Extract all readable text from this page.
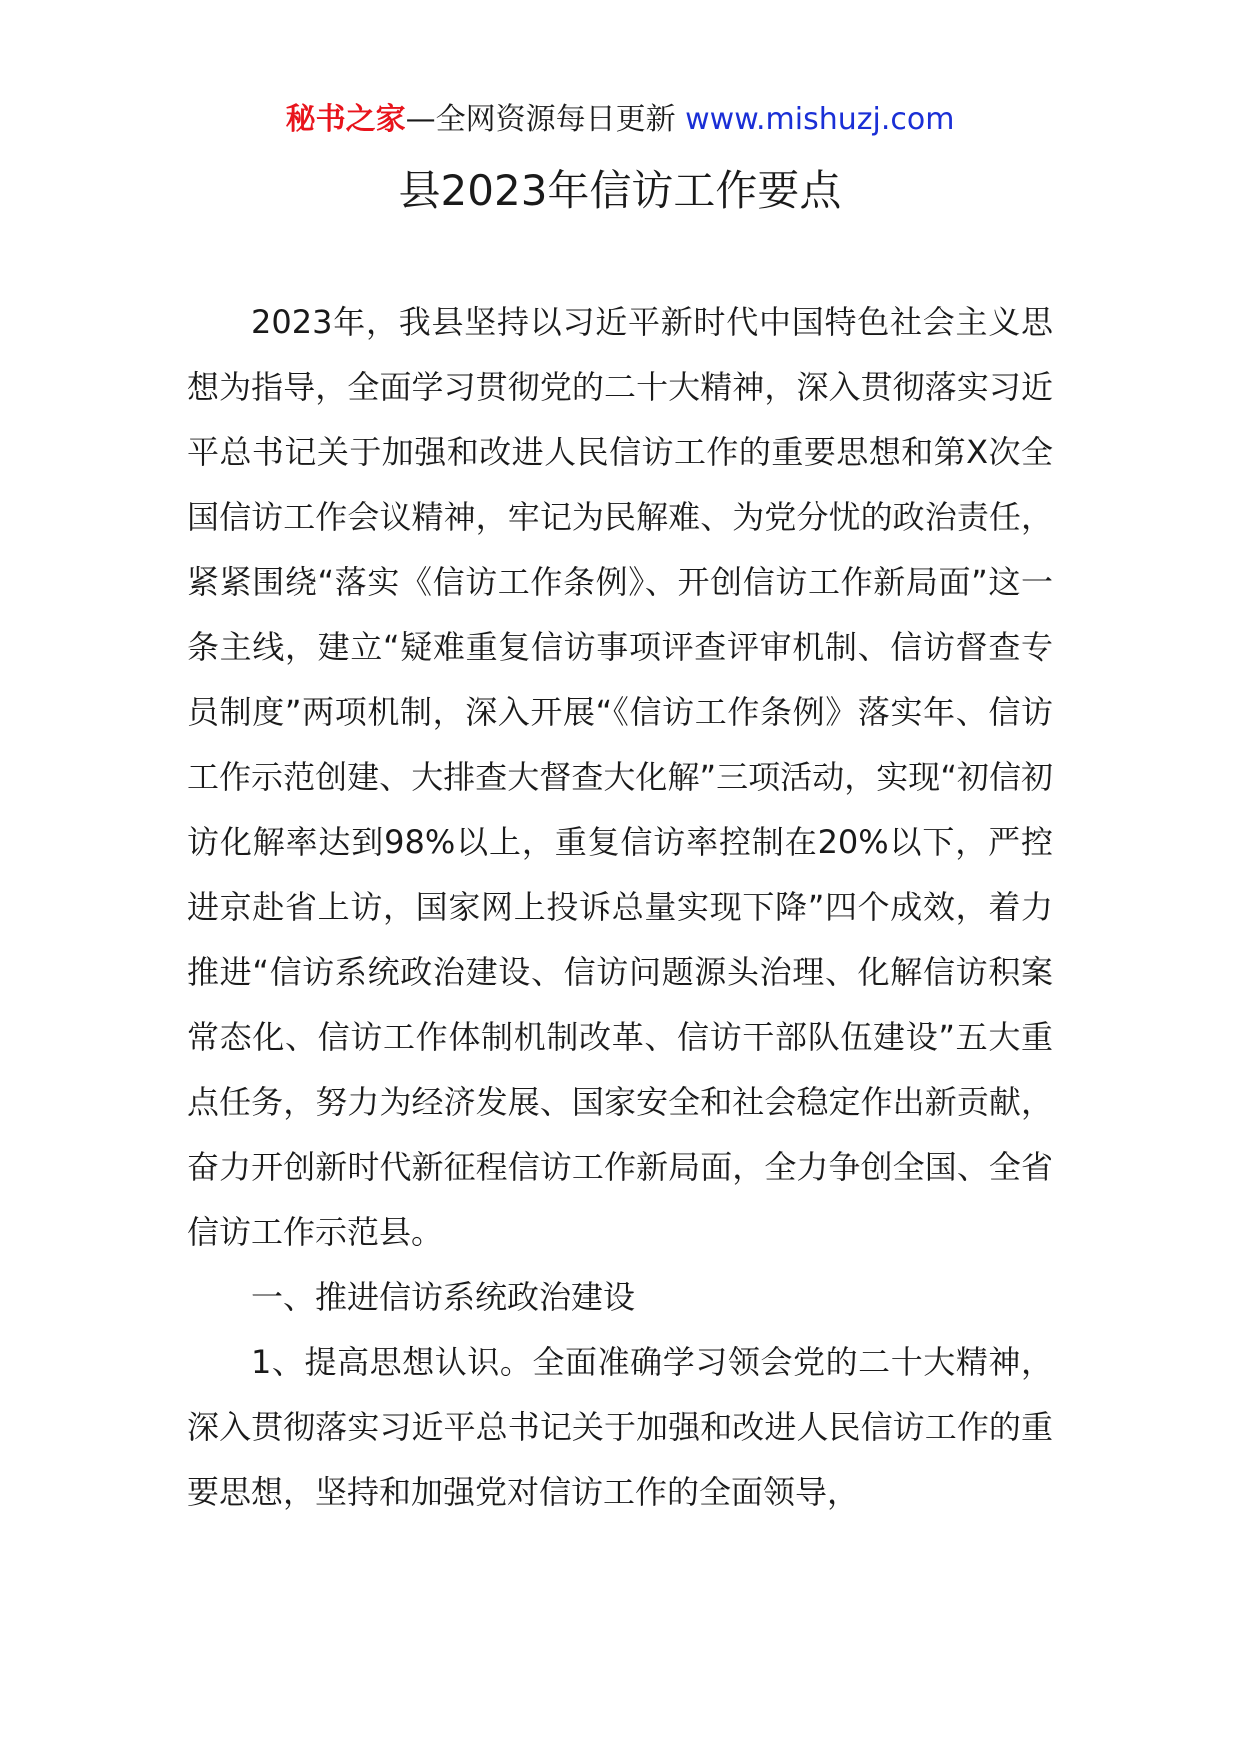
秘书之家—全网资源每日更新 www.mishuzj.com
县2023年信访工作要点

2023年，我县坚持以习近平新时代中国特色社会主义思想为指导，全面学习贯彻党的二十大精神，深入贯彻落实习近平总书记关于加强和改进人民信访工作的重要思想和第X次全国信访工作会议精神，牢记为民解难、为党分忧的政治责任，紧紧围绕“落实《信访工作条例》、开创信访工作新局面”这一条主线，建立“疑难重复信访事项评查评审机制、信访督查专员制度”两项机制，深入开展“《信访工作条例》落实年、信访工作示范创建、大排查大督查大化解”三项活动，实现“初信初访化解率达到98%以上，重复信访率控制在20%以下，严控进京赴省上访，国家网上投诉总量实现下降”四个成效，着力推进“信访系统政治建设、信访问题源头治理、化解信访积案常态化、信访工作体制机制改革、信访干部队伍建设”五大重点任务，努力为经济发展、国家安全和社会稳定作出新贡献，奋力开创新时代新征程信访工作新局面，全力争创全国、全省信访工作示范县。

一、推进信访系统政治建设

1、提高思想认识。全面准确学习领会党的二十大精神，深入贯彻落实习近平总书记关于加强和改进人民信访工作的重要思想，坚持和加强党对信访工作的全面领导，
